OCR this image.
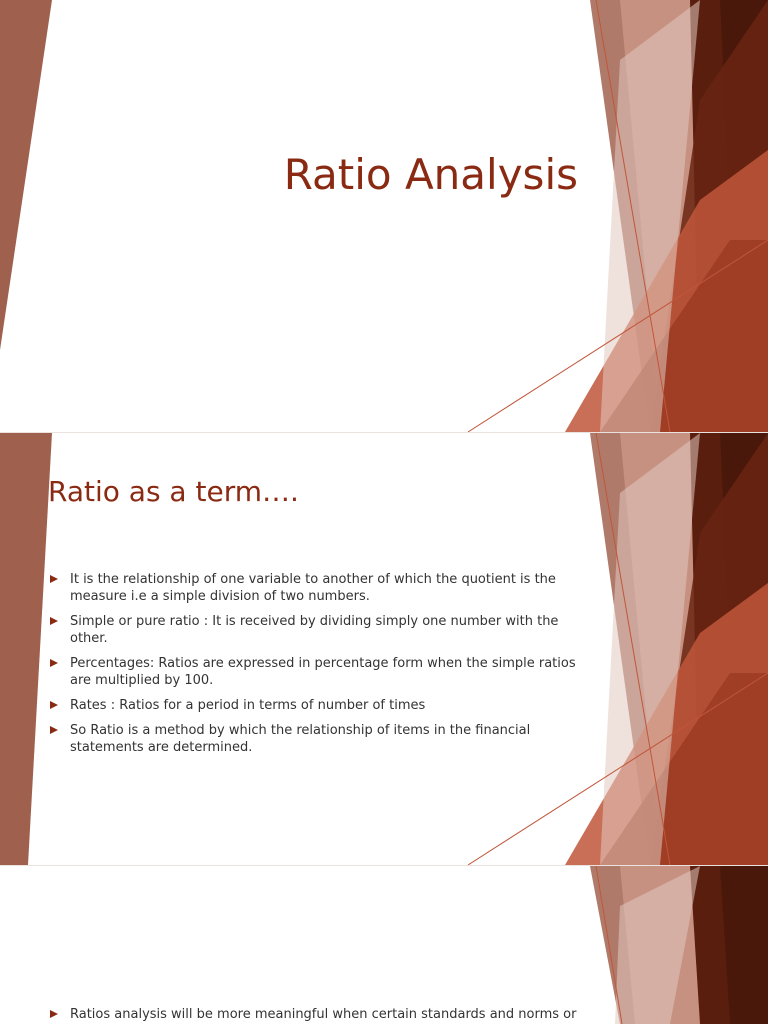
Ratio Analysis
Ratio as a term….
It is the relationship of one variable to another of which the quotient is the measure i.e a simple division of two numbers.
Simple or pure ratio : It is received by dividing simply one number with the other.
Percentages: Ratios are expressed in percentage form when the simple ratios are multiplied by 100.
Rates : Ratios for a period in terms of number of times
So Ratio is a method by which the relationship of items in the financial statements are determined.
Ratios analysis will be more meaningful when certain standards and norms or
